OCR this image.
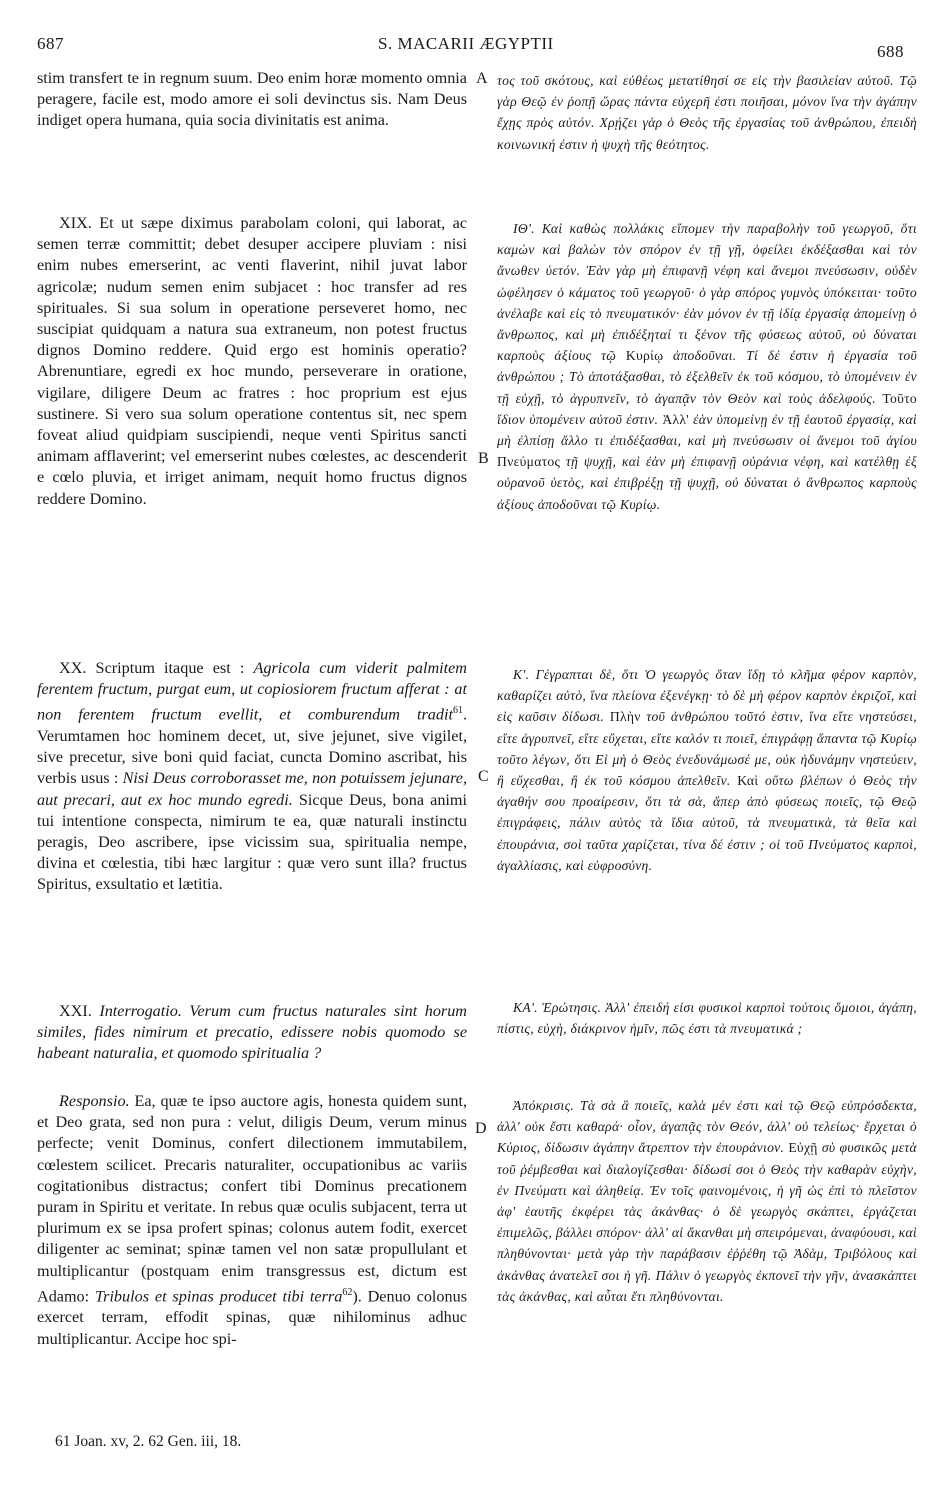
687	S. MACARII ÆGYPTII	688
stim transfert te in regnum suum. Deo enim horæ momento omnia peragere, facile est, modo amore ei soli devinctus sis. Nam Deus indiget opera humana, quia socia divinitatis est anima.
XIX. Et ut sæpe diximus parabolam coloni, qui laborat, ac semen terræ committit; debet desuper accipere pluviam : nisi enim nubes emerserint, ac venti flaverint, nihil juvat labor agricolæ; nudum semen enim subjacet : hoc transfer ad res spirituales. Si sua solum in operatione perseveret homo, nec suscipiat quidquam a natura sua extraneum, non potest fructus dignos Domino reddere. Quid ergo est hominis operatio? Abrenuntiare, egredi ex hoc mundo, perseverare in oratione, vigilare, diligere Deum ac fratres : hoc proprium est ejus sustinere. Si vero sua solum operatione contentus sit, nec spem foveat aliud quidpiam suscipiendi, neque venti Spiritus sancti animam afflaverint; vel emerserint nubes cœlestes, ac descenderit e cœlo pluvia, et irriget animam, nequit homo fructus dignos reddere Domino.
XX. Scriptum itaque est : Agricola cum viderit palmitem ferentem fructum, purgat eum, ut copiosiorem fructum afferat : at non ferentem fructum evellit, et comburendum tradit$^{61}$. Verumtamen hoc hominem decet, ut, sive jejunet, sive vigilet, sive precetur, sive boni quid faciat, cuncta Domino ascribat, his verbis usus : Nisi Deus corroborasset me, non potuissem jejunare, aut precari, aut ex hoc mundo egredi. Sicque Deus, bona animi tui intentione conspecta, nimirum te ea, quæ naturali instinctu peragis, Deo ascribere, ipse vicissim sua, spiritualia nempe, divina et cœlestia, tibi hæc largitur : quæ vero sunt illa? fructus Spiritus, exsultatio et lætitia.
XXI. Interrogatio. Verum cum fructus naturales sint horum similes, fides nimirum et precatio, edissere nobis quomodo se habeant naturalia, et quomodo spiritualia ?
Responsio. Ea, quæ te ipso auctore agis, honesta quidem sunt, et Deo grata, sed non pura : velut, diligis Deum, verum minus perfecte; venit Dominus, confert dilectionem immutabilem, cœlestem scilicet. Precaris naturaliter, occupationibus ac variis cogitationibus distractus; confert tibi Dominus precationem puram in Spiritu et veritate. In rebus quæ oculis subjacent, terra ut plurimum ex se ipsa profert spinas; colonus autem fodit, exercet diligenter ac seminat; spinæ tamen vel non satæ propullulant et multiplicantur (postquam enim transgressus est, dictum est Adamo: Tribulos et spinas producet tibi terra$^{62}$). Denuo colonus exercet terram, effodit spinas, quæ nihilominus adhuc multiplicantur. Accipe hoc spi-
A
B
C
D
τος τοῦ σκότους, καὶ εὐθέως μετατίθησί σε εἰς τὴν βασιλείαν αὐτοῦ. Τῷ γὰρ Θεῷ ἐν ῥοπῇ ὥρας πάντα εὐχερῆ ἐστι ποιῆσαι, μόνον ἵνα τὴν ἀγάπην ἔχῃς πρὸς αὐτόν. Χρῄζει γὰρ ὁ Θεὸς τῆς ἐργασίας τοῦ ἀνθρώπου, ἐπειδὴ κοινωνική ἐστιν ἡ ψυχὴ τῆς θεότητος.
ΙΘ'. Καὶ καθὼς πολλάκις εἴπομεν τὴν παραβολὴν τοῦ γεωργοῦ, ὅτι καμὼν καὶ βαλὼν τὸν σπόρον ἐν τῇ γῇ, ὀφείλει ἐκδέξασθαι καὶ τὸν ἄνωθεν ὑετόν. Ἐὰν γὰρ μὴ ἐπιφανῇ νέφη καὶ ἄνεμοι πνεύσωσιν, οὐδὲν ὠφέλησεν ὁ κάματος τοῦ γεωργοῦ· ὁ γὰρ σπόρος γυμνὸς ὑπόκειται· τοῦτο ἀνέλαβε καὶ εἰς τὸ πνευματικόν· ἐὰν μόνον ἐν τῇ ἰδίᾳ ἐργασίᾳ ἀπομείνῃ ὁ ἄνθρωπος, καὶ μὴ ἐπιδέξηταί τι ξένον τῆς φύσεως αὐτοῦ, οὐ δύναται καρποὺς ἀξίους τῷ Κυρίῳ ἀποδοῦναι. Τί δέ ἐστιν ἡ ἐργασία τοῦ ἀνθρώπου ; Τὸ ἀποτάξασθαι, τὸ ἐξελθεῖν ἐκ τοῦ κόσμου, τὸ ὑπομένειν ἐν τῇ εὐχῇ, τὸ ἀγρυπνεῖν, τὸ ἀγαπᾷν τὸν Θεὸν καὶ τοὺς ἀδελφούς. Τοῦτο ἴδιον ὑπομένειν αὐτοῦ ἐστιν. Ἀλλ' ἐὰν ὑπομείνῃ ἐν τῇ ἑαυτοῦ ἐργασίᾳ, καὶ μὴ ἐλπίσῃ ἄλλο τι ἐπιδέξασθαι, καὶ μὴ πνεύσωσιν οἱ ἄνεμοι τοῦ ἁγίου Πνεύματος τῇ ψυχῇ, καὶ ἐὰν μὴ ἐπιφανῇ οὐράνια νέφη, καὶ κατέλθῃ ἐξ οὐρανοῦ ὑετὸς, καὶ ἐπιβρέξῃ τῇ ψυχῇ, οὐ δύναται ὁ ἄνθρωπος καρποὺς ἀξίους ἀποδοῦναι τῷ Κυρίῳ.
Κ'. Γέγραπται δὲ, ὅτι Ὁ γεωργὸς ὅταν ἴδῃ τὸ κλῆμα φέρον καρπὸν, καθαρίζει αὐτὸ, ἵνα πλείονα ἐξενέγκῃ· τὸ δὲ μὴ φέρον καρπὸν ἐκριζοῖ, καὶ εἰς καῦσιν δίδωσι. Πλὴν τοῦ ἀνθρώπου τοῦτό ἐστιν, ἵνα εἴτε νηστεύσει, εἴτε ἀγρυπνεῖ, εἴτε εὔχεται, εἴτε καλόν τι ποιεῖ, ἐπιγράφῃ ἅπαντα τῷ Κυρίῳ τοῦτο λέγων, ὅτι Εἰ μὴ ὁ Θεὸς ἐνεδυνάμωσέ με, οὐκ ἠδυνάμην νηστεύειν, ἢ εὔχεσθαι, ἢ ἐκ τοῦ κόσμου ἀπελθεῖν. Καὶ οὕτω βλέπων ὁ Θεὸς τὴν ἀγαθήν σου προαίρεσιν, ὅτι τὰ σὰ, ἅπερ ἀπὸ φύσεως ποιεῖς, τῷ Θεῷ ἐπιγράφεις, πάλιν αὐτὸς τὰ ἴδια αὐτοῦ, τὰ πνευματικὰ, τὰ θεῖα καὶ ἐπουράνια, σοὶ ταῦτα χαρίζεται, τίνα δέ ἐστιν ; οἱ τοῦ Πνεύματος καρποὶ, ἀγαλλίασις, καὶ εὐφροσύνη.
ΚΑ'. Ἐρώτησις. Ἀλλ' ἐπειδή εἰσι φυσικοὶ καρποὶ τούτοις ὅμοιοι, ἀγάπη, πίστις, εὐχὴ, διάκρινον ἡμῖν, πῶς ἐστι τὰ πνευματικά ;
Ἀπόκρισις. Τὰ σὰ ἃ ποιεῖς, καλὰ μέν ἐστι καὶ τῷ Θεῷ εὐπρόσδεκτα, ἀλλ' οὐκ ἔστι καθαρά· οἷον, ἀγαπᾷς τὸν Θεόν, ἀλλ' οὐ τελείως· ἔρχεται ὁ Κύριος, δίδωσιν ἀγάπην ἄτρεπτον τὴν ἐπουράνιον. Εὐχῇ σὺ φυσικῶς μετὰ τοῦ ῥέμβεσθαι καὶ διαλογίζεσθαι· δίδωσί σοι ὁ Θεὸς τὴν καθαρὰν εὐχὴν, ἐν Πνεύματι καὶ ἀληθείᾳ. Ἐν τοῖς φαινομένοις, ἡ γῆ ὡς ἐπὶ τὸ πλεῖστον ἀφ' ἑαυτῆς ἐκφέρει τὰς ἀκάνθας· ὁ δὲ γεωργὸς σκάπτει, ἐργάζεται ἐπιμελῶς, βάλλει σπόρον· ἀλλ' αἱ ἄκανθαι μὴ σπειρόμεναι, ἀναφύουσι, καὶ πληθύνονται· μετὰ γὰρ τὴν παράβασιν ἐῤῥέθη τῷ Ἀδὰμ, Τριβόλους καὶ ἀκάνθας ἀνατελεῖ σοι ἡ γῆ. Πάλιν ὁ γεωργὸς ἐκπονεῖ τὴν γῆν, ἀνασκάπτει τὰς ἀκάνθας, καὶ αὗται ἔτι πληθύνονται.
61 Joan. xv, 2. 62 Gen. iii, 18.
